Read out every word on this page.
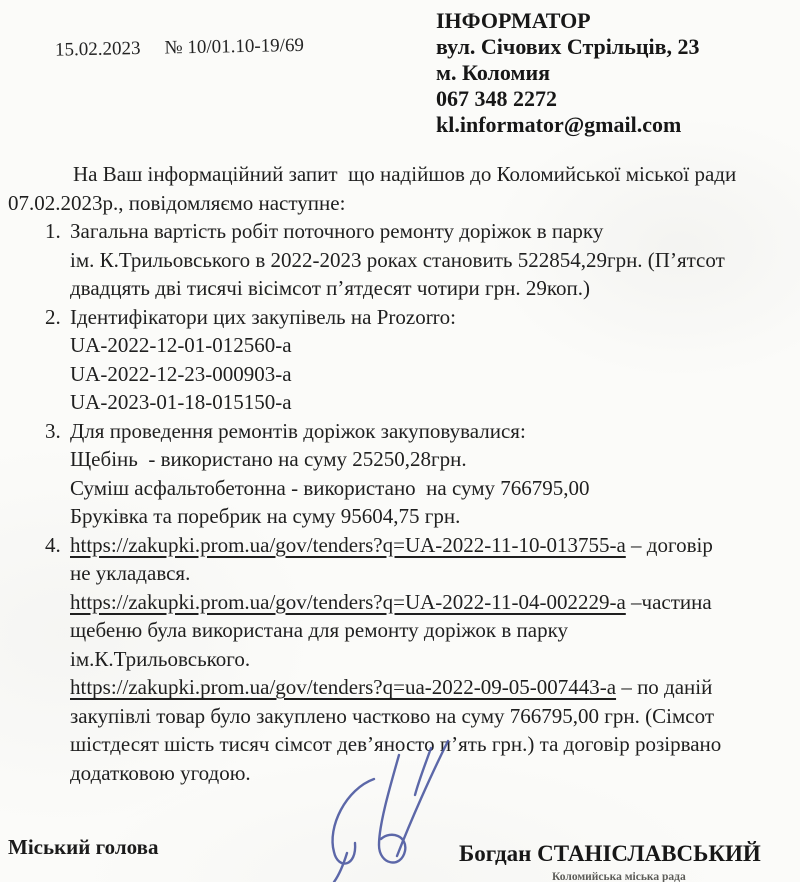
15.02.2023 № 10/01.10-19/69

ІНФОРМАТОР
вул. Січових Стрільців, 23
м. Коломия
067 348 2272
kl.informator@gmail.com
На Ваш інформаційний запит  що надійшов до Коломийської міської ради
07.02.2023р., повідомляємо наступне:
1. Загальна вартість робіт поточного ремонту доріжок в парку
ім. К.Трильовського в 2022-2023 роках становить 522854,29грн. (П’ятсот
двадцять дві тисячі вісімсот п’ятдесят чотири грн. 29коп.)
2. Ідентифікатори цих закупівель на Prozorro:
UA-2022-12-01-012560-a
UA-2022-12-23-000903-a
UA-2023-01-18-015150-a
3. Для проведення ремонтів доріжок закуповувалися:
Щебінь  - використано на суму 25250,28грн.
Суміш асфальтобетонна - використано  на суму 766795,00
Бруківка та поребрик на суму 95604,75 грн.
4. https://zakupki.prom.ua/gov/tenders?q=UA-2022-11-10-013755-a – договір
не укладався.
https://zakupki.prom.ua/gov/tenders?q=UA-2022-11-04-002229-a –частина
щебеню була використана для ремонту доріжок в парку
ім.К.Трильовського.
https://zakupki.prom.ua/gov/tenders?q=ua-2022-09-05-007443-a – по даній
закупівлі товар було закуплено частково на суму 766795,00 грн. (Сімсот
шістдесят шість тисяч сімсот дев’яносто п’ять грн.) та договір розірвано
додатковою угодою.
Міський голова	Богдан СТАНІСЛАВСЬКИЙ
Коломийська міська рада
